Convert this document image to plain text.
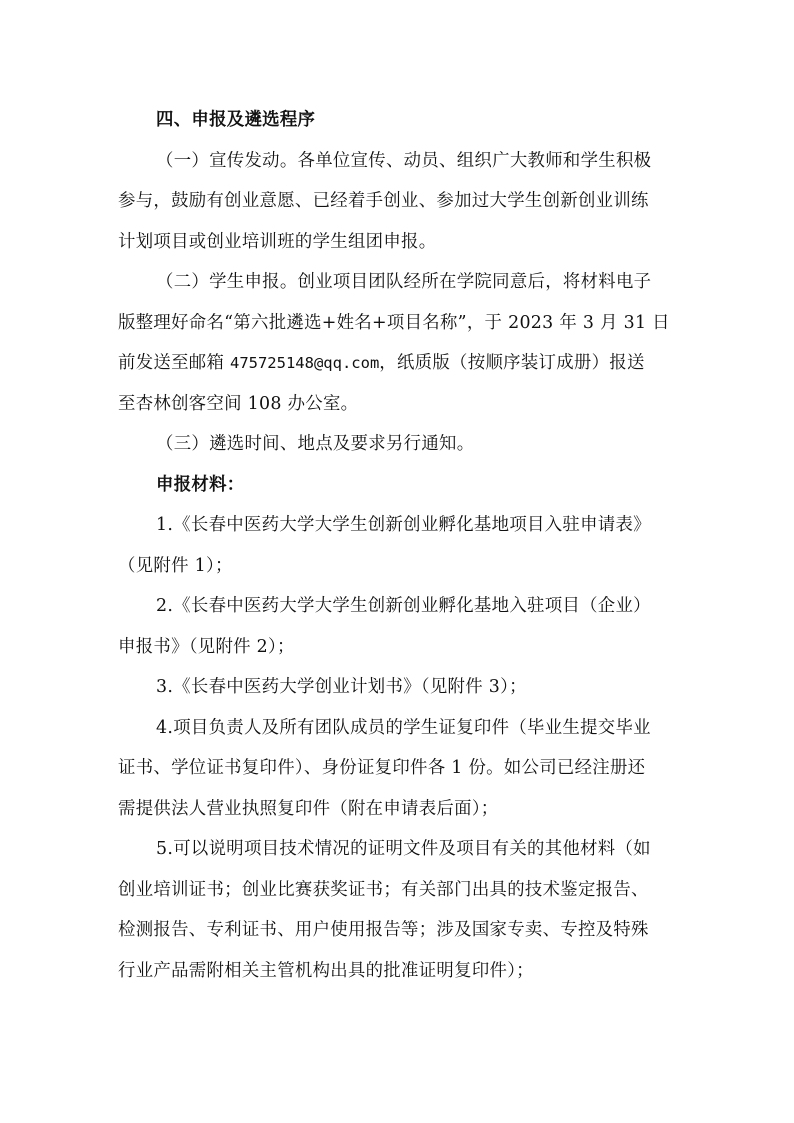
四、申报及遴选程序
（一）宣传发动。各单位宣传、动员、组织广大教师和学生积极
参与，鼓励有创业意愿、已经着手创业、参加过大学生创新创业训练
计划项目或创业培训班的学生组团申报。
（二）学生申报。创业项目团队经所在学院同意后，将材料电子
版整理好命名“第六批遴选+姓名+项目名称”，于 2023 年 3 月 31 日
前发送至邮箱 475725148@qq.com，纸质版（按顺序装订成册）报送
至杏林创客空间 108 办公室。
（三）遴选时间、地点及要求另行通知。
申报材料：
1.《长春中医药大学大学生创新创业孵化基地项目入驻申请表》
（见附件 1）；
2.《长春中医药大学大学生创新创业孵化基地入驻项目（企业）
申报书》（见附件 2）；
3.《长春中医药大学创业计划书》（见附件 3）；
4.项目负责人及所有团队成员的学生证复印件（毕业生提交毕业
证书、学位证书复印件）、身份证复印件各 1 份。如公司已经注册还
需提供法人营业执照复印件（附在申请表后面）；
5.可以说明项目技术情况的证明文件及项目有关的其他材料（如
创业培训证书；创业比赛获奖证书；有关部门出具的技术鉴定报告、
检测报告、专利证书、用户使用报告等；涉及国家专卖、专控及特殊
行业产品需附相关主管机构出具的批准证明复印件）；
